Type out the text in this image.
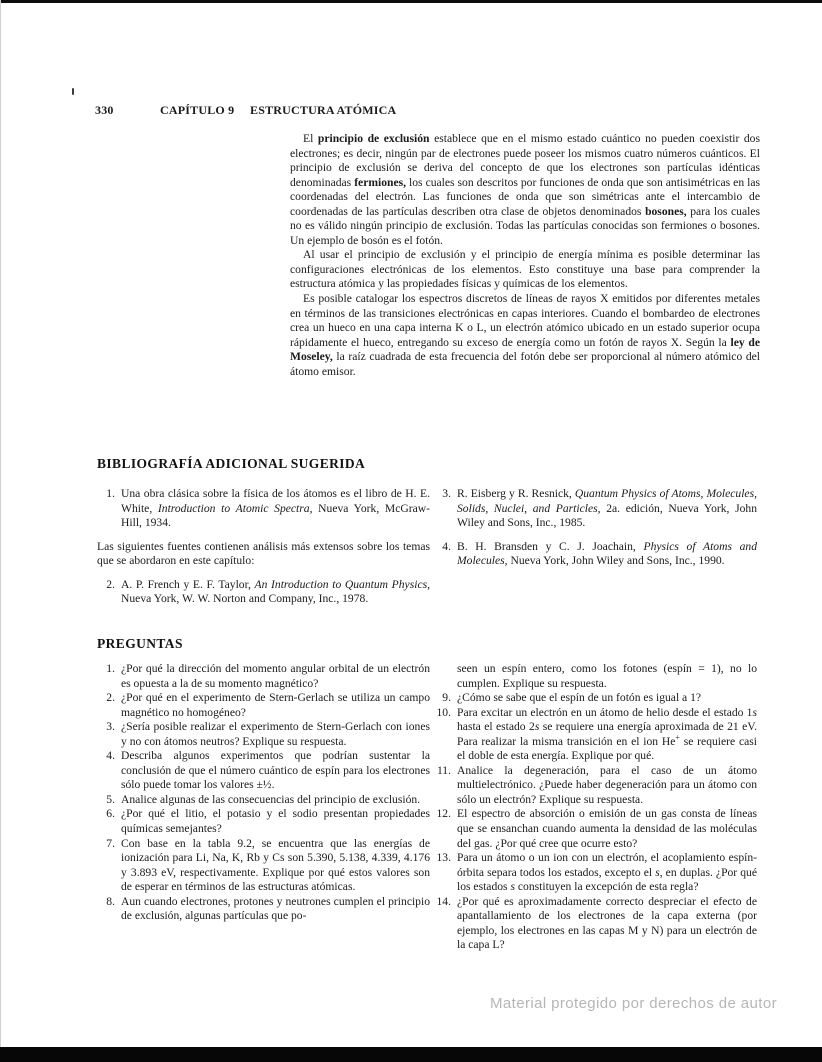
330	CAPÍTULO 9 ESTRUCTURA ATÓMICA
El principio de exclusión establece que en el mismo estado cuántico no pueden coexistir dos electrones; es decir, ningún par de electrones puede poseer los mismos cuatro números cuánticos. El principio de exclusión se deriva del concepto de que los electrones son partículas idénticas denominadas fermiones, los cuales son descritos por funciones de onda que son antisimétricas en las coordenadas del electrón. Las funciones de onda que son simétricas ante el intercambio de coordenadas de las partículas describen otra clase de objetos denominados bosones, para los cuales no es válido ningún principio de exclusión. Todas las partículas conocidas son fermiones o bosones. Un ejemplo de bosón es el fotón.
Al usar el principio de exclusión y el principio de energía mínima es posible determinar las configuraciones electrónicas de los elementos. Esto constituye una base para comprender la estructura atómica y las propiedades físicas y químicas de los elementos.
Es posible catalogar los espectros discretos de líneas de rayos X emitidos por diferentes metales en términos de las transiciones electrónicas en capas interiores. Cuando el bombardeo de electrones crea un hueco en una capa interna K o L, un electrón atómico ubicado en un estado superior ocupa rápidamente el hueco, entregando su exceso de energía como un fotón de rayos X. Según la ley de Moseley, la raíz cuadrada de esta frecuencia del fotón debe ser proporcional al número atómico del átomo emisor.
BIBLIOGRAFÍA ADICIONAL SUGERIDA
1. Una obra clásica sobre la física de los átomos es el libro de H. E. White, Introduction to Atomic Spectra, Nueva York, McGraw-Hill, 1934.
Las siguientes fuentes contienen análisis más extensos sobre los temas que se abordaron en este capítulo:
2. A. P. French y E. F. Taylor, An Introduction to Quantum Physics, Nueva York, W. W. Norton and Company, Inc., 1978.
3. R. Eisberg y R. Resnick, Quantum Physics of Atoms, Molecules, Solids, Nuclei, and Particles, 2a. edición, Nueva York, John Wiley and Sons, Inc., 1985.
4. B. H. Bransden y C. J. Joachain, Physics of Atoms and Molecules, Nueva York, John Wiley and Sons, Inc., 1990.
PREGUNTAS
1. ¿Por qué la dirección del momento angular orbital de un electrón es opuesta a la de su momento magnético?
2. ¿Por qué en el experimento de Stern-Gerlach se utiliza un campo magnético no homogéneo?
3. ¿Sería posible realizar el experimento de Stern-Gerlach con iones y no con átomos neutros? Explique su respuesta.
4. Describa algunos experimentos que podrían sustentar la conclusión de que el número cuántico de espín para los electrones sólo puede tomar los valores ±½.
5. Analice algunas de las consecuencias del principio de exclusión.
6. ¿Por qué el litio, el potasio y el sodio presentan propiedades químicas semejantes?
7. Con base en la tabla 9.2, se encuentra que las energías de ionización para Li, Na, K, Rb y Cs son 5.390, 5.138, 4.339, 4.176 y 3.893 eV, respectivamente. Explique por qué estos valores son de esperar en términos de las estructuras atómicas.
8. Aun cuando electrones, protones y neutrones cumplen el principio de exclusión, algunas partículas que po-
seen un espín entero, como los fotones (espín = 1), no lo cumplen. Explique su respuesta.
9. ¿Cómo se sabe que el espín de un fotón es igual a 1?
10. Para excitar un electrón en un átomo de helio desde el estado 1s hasta el estado 2s se requiere una energía aproximada de 21 eV. Para realizar la misma transición en el ion He+ se requiere casi el doble de esta energía. Explique por qué.
11. Analice la degeneración, para el caso de un átomo multielectrónico. ¿Puede haber degeneración para un átomo con sólo un electrón? Explique su respuesta.
12. El espectro de absorción o emisión de un gas consta de líneas que se ensanchan cuando aumenta la densidad de las moléculas del gas. ¿Por qué cree que ocurre esto?
13. Para un átomo o un ion con un electrón, el acoplamiento espín-órbita separa todos los estados, excepto el s, en duplas. ¿Por qué los estados s constituyen la excepción de esta regla?
14. ¿Por qué es aproximadamente correcto despreciar el efecto de apantallamiento de los electrones de la capa externa (por ejemplo, los electrones en las capas M y N) para un electrón de la capa L?
Material protegido por derechos de autor
